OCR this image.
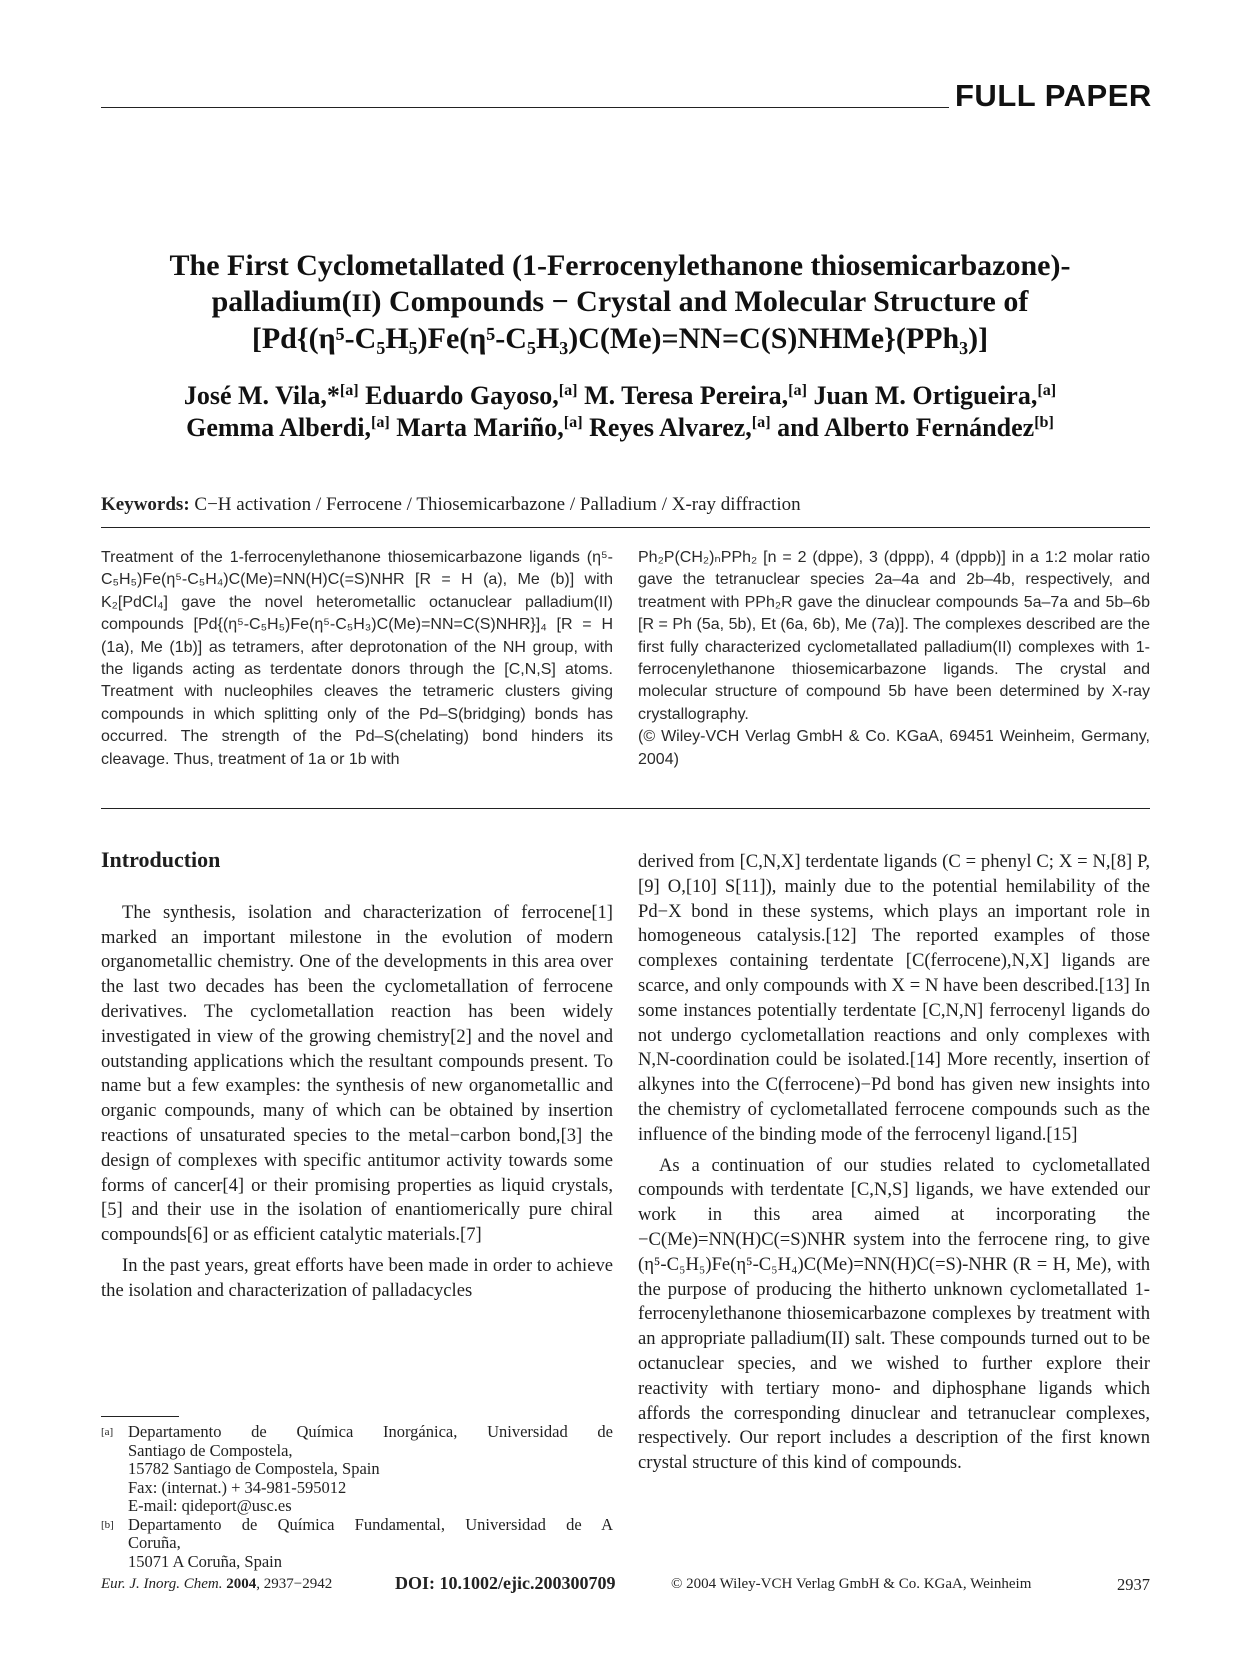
FULL PAPER
The First Cyclometallated (1-Ferrocenylethanone thiosemicarbazone)-
palladium(II) Compounds − Crystal and Molecular Structure of
[Pd{(η⁵-C₅H₅)Fe(η⁵-C₅H₃)C(Me)=NN=C(S)NHMe}(PPh₃)]
José M. Vila,*[a] Eduardo Gayoso,[a] M. Teresa Pereira,[a] Juan M. Ortigueira,[a]
Gemma Alberdi,[a] Marta Mariño,[a] Reyes Alvarez,[a] and Alberto Fernández[b]
Keywords: C−H activation / Ferrocene / Thiosemicarbazone / Palladium / X-ray diffraction

Treatment of the 1-ferrocenylethanone thiosemicarbazone ligands (η⁵-C₅H₅)Fe(η⁵-C₅H₄)C(Me)=NN(H)C(=S)NHR [R = H (a), Me (b)] with K₂[PdCl₄] gave the novel heterometallic octanuclear palladium(II) compounds [Pd{(η⁵-C₅H₅)Fe(η⁵-C₅H₃)C(Me)=NN=C(S)NHR}]₄ [R = H (1a), Me (1b)] as tetramers, after deprotonation of the NH group, with the ligands acting as terdentate donors through the [C,N,S] atoms. Treatment with nucleophiles cleaves the tetrameric clusters giving compounds in which splitting only of the Pd–S(bridging) bonds has occurred. The strength of the Pd–S(chelating) bond hinders its cleavage. Thus, treatment of 1a or 1b with

Ph₂P(CH₂)ₙPPh₂ [n = 2 (dppe), 3 (dppp), 4 (dppb)] in a 1:2 molar ratio gave the tetranuclear species 2a–4a and 2b–4b, respectively, and treatment with PPh₂R gave the dinuclear compounds 5a–7a and 5b–6b [R = Ph (5a, 5b), Et (6a, 6b), Me (7a)]. The complexes described are the first fully characterized cyclometallated palladium(II) complexes with 1-ferrocenylethanone thiosemicarbazone ligands. The crystal and molecular structure of compound 5b have been determined by X-ray crystallography.

(© Wiley-VCH Verlag GmbH & Co. KGaA, 69451 Weinheim, Germany, 2004)

Introduction

The synthesis, isolation and characterization of ferrocene[1] marked an important milestone in the evolution of modern organometallic chemistry. One of the developments in this area over the last two decades has been the cyclometallation of ferrocene derivatives. The cyclometallation reaction has been widely investigated in view of the growing chemistry[2] and the novel and outstanding applications which the resultant compounds present. To name but a few examples: the synthesis of new organometallic and organic compounds, many of which can be obtained by insertion reactions of unsaturated species to the metal−carbon bond,[3] the design of complexes with specific antitumor activity towards some forms of cancer[4] or their promising properties as liquid crystals,[5] and their use in the isolation of enantiomerically pure chiral compounds[6] or as efficient catalytic materials.[7]

In the past years, great efforts have been made in order to achieve the isolation and characterization of palladacycles

derived from [C,N,X] terdentate ligands (C = phenyl C; X = N,[8] P,[9] O,[10] S[11]), mainly due to the potential hemilability of the Pd−X bond in these systems, which plays an important role in homogeneous catalysis.[12] The reported examples of those complexes containing terdentate [C(ferrocene),N,X] ligands are scarce, and only compounds with X = N have been described.[13] In some instances potentially terdentate [C,N,N] ferrocenyl ligands do not undergo cyclometallation reactions and only complexes with N,N-coordination could be isolated.[14] More recently, insertion of alkynes into the C(ferrocene)−Pd bond has given new insights into the chemistry of cyclometallated ferrocene compounds such as the influence of the binding mode of the ferrocenyl ligand.[15]

As a continuation of our studies related to cyclometallated compounds with terdentate [C,N,S] ligands, we have extended our work in this area aimed at incorporating the −C(Me)=NN(H)C(=S)NHR system into the ferrocene ring, to give (η⁵-C₅H₅)Fe(η⁵-C₅H₄)C(Me)=NN(H)C(=S)-NHR (R = H, Me), with the purpose of producing the hitherto unknown cyclometallated 1-ferrocenylethanone thiosemicarbazone complexes by treatment with an appropriate palladium(II) salt. These compounds turned out to be octanuclear species, and we wished to further explore their reactivity with tertiary mono- and diphosphane ligands which affords the corresponding dinuclear and tetranuclear complexes, respectively. Our report includes a description of the first known crystal structure of this kind of compounds.

[a] Departamento de Química Inorgánica, Universidad de
Santiago de Compostela,
15782 Santiago de Compostela, Spain
Fax: (internat.) + 34-981-595012
E-mail: qideport@usc.es
[b] Departamento de Química Fundamental, Universidad de A
Coruña,
15071 A Coruña, Spain
Eur. J. Inorg. Chem. 2004, 2937−2942	DOI: 10.1002/ejic.200300709	© 2004 Wiley-VCH Verlag GmbH & Co. KGaA, Weinheim	2937
